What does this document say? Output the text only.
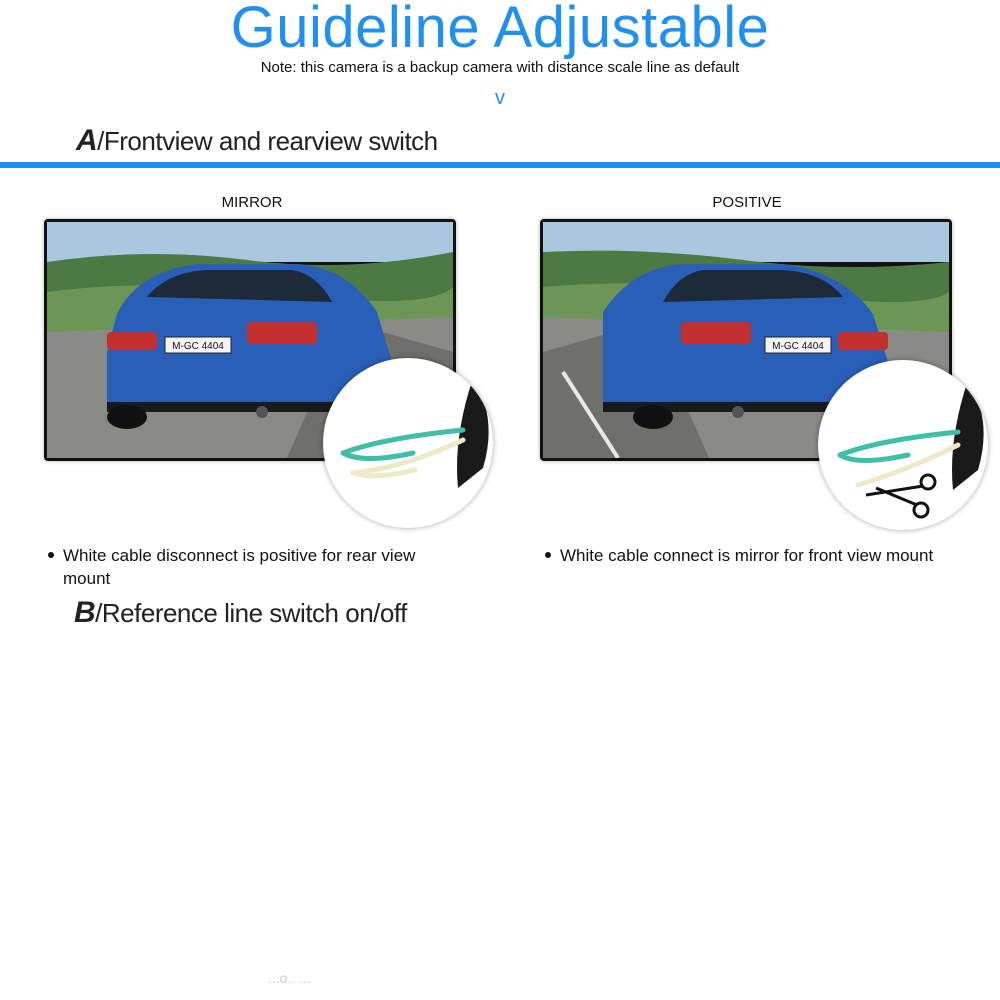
Guideline Adjustable
Note: this camera is a backup camera with distance scale line as default
v
A/Frontview and rearview switch
MIRROR	POSITIVE
M-GC 4404	M-GC 4404
White cable disconnect is positive for rear view
mount
White cable connect is mirror for front view mount
B/Reference line switch on/off
...o.. ...
